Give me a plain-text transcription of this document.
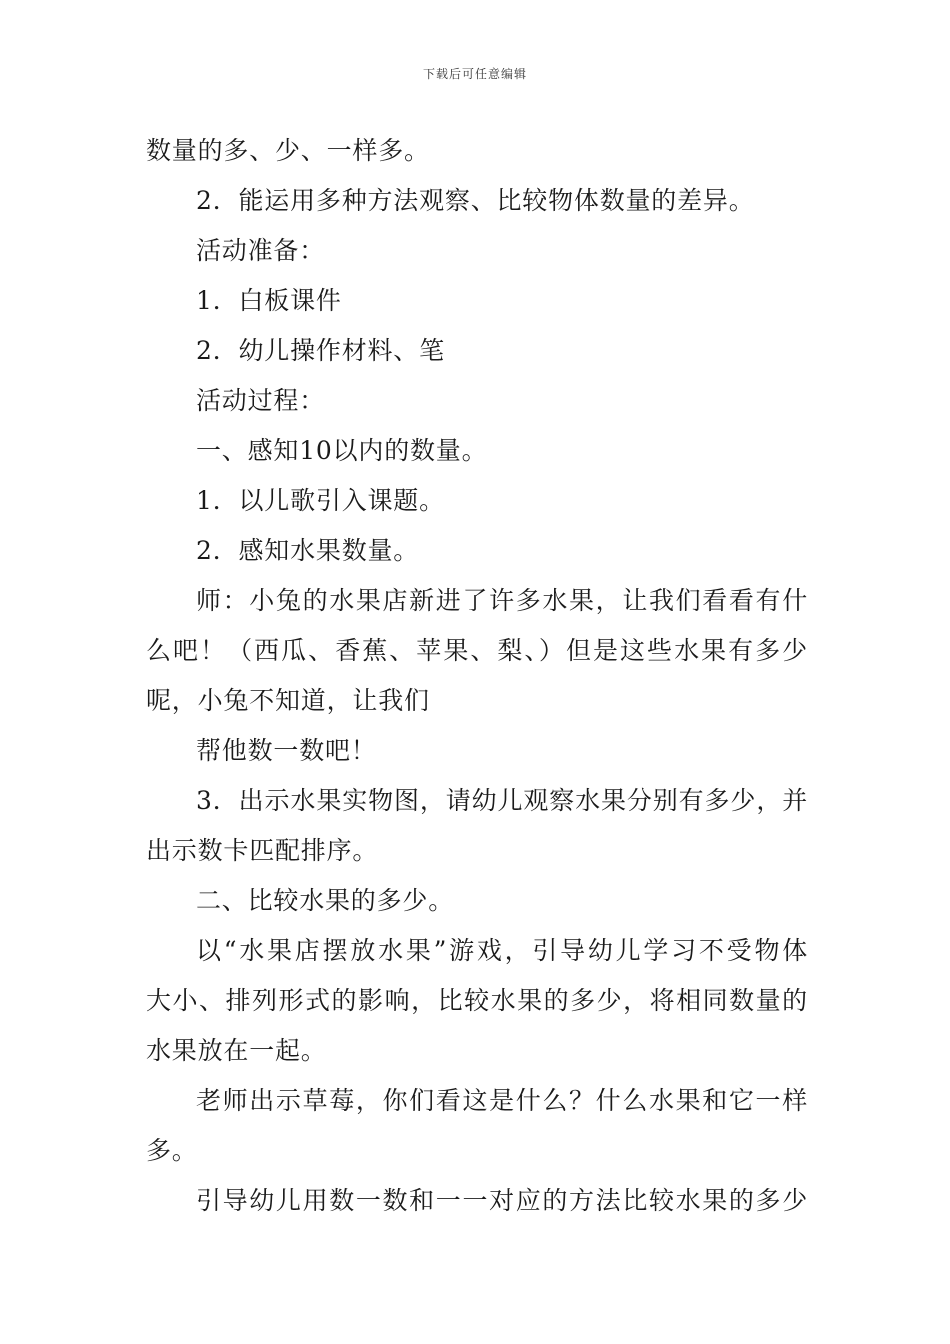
下载后可任意编辑
数量的多、少、一样多。
2．能运用多种方法观察、比较物体数量的差异。
活动准备：
1．白板课件
2．幼儿操作材料、笔
活动过程：
一、感知10以内的数量。
1．以儿歌引入课题。
2．感知水果数量。
师：小兔的水果店新进了许多水果，让我们看看有什
么吧！（西瓜、香蕉、苹果、梨、）但是这些水果有多少
呢，小兔不知道，让我们
帮他数一数吧！
3．出示水果实物图，请幼儿观察水果分别有多少，并
出示数卡匹配排序。
二、比较水果的多少。
以“水果店摆放水果”游戏，引导幼儿学习不受物体
大小、排列形式的影响，比较水果的多少，将相同数量的
水果放在一起。
老师出示草莓，你们看这是什么？什么水果和它一样
多。
引导幼儿用数一数和一一对应的方法比较水果的多少
